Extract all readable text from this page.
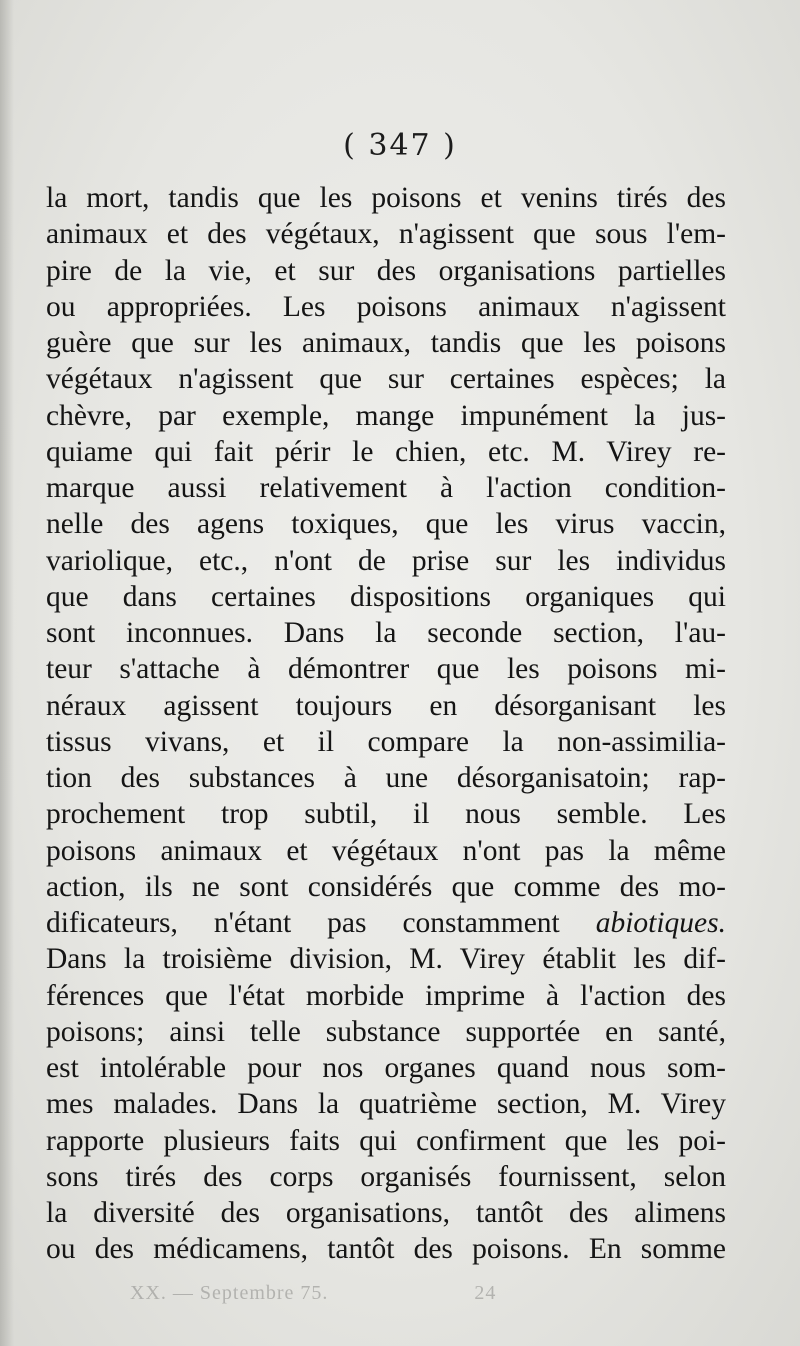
( 347 )
la mort, tandis que les poisons et venins tirés des
animaux et des végétaux, n'agissent que sous l'em-
pire de la vie, et sur des organisations partielles
ou appropriées. Les poisons animaux n'agissent
guère que sur les animaux, tandis que les poisons
végétaux n'agissent que sur certaines espèces; la
chèvre, par exemple, mange impunément la jus-
quiame qui fait périr le chien, etc. M. Virey re-
marque aussi relativement à l'action condition-
nelle des agens toxiques, que les virus vaccin,
variolique, etc., n'ont de prise sur les individus
que dans certaines dispositions organiques qui
sont inconnues. Dans la seconde section, l'au-
teur s'attache à démontrer que les poisons mi-
néraux agissent toujours en désorganisant les
tissus vivans, et il compare la non-assimilia-
tion des substances à une désorganisatoin; rap-
prochement trop subtil, il nous semble. Les
poisons animaux et végétaux n'ont pas la même
action, ils ne sont considérés que comme des mo-
dificateurs, n'étant pas constamment abiotiques.
Dans la troisième division, M. Virey établit les dif-
férences que l'état morbide imprime à l'action des
poisons; ainsi telle substance supportée en santé,
est intolérable pour nos organes quand nous som-
mes malades. Dans la quatrième section, M. Virey
rapporte plusieurs faits qui confirment que les poi-
sons tirés des corps organisés fournissent, selon
la diversité des organisations, tantôt des alimens
ou des médicamens, tantôt des poisons. En somme
XX. — Septembre 75.	24
